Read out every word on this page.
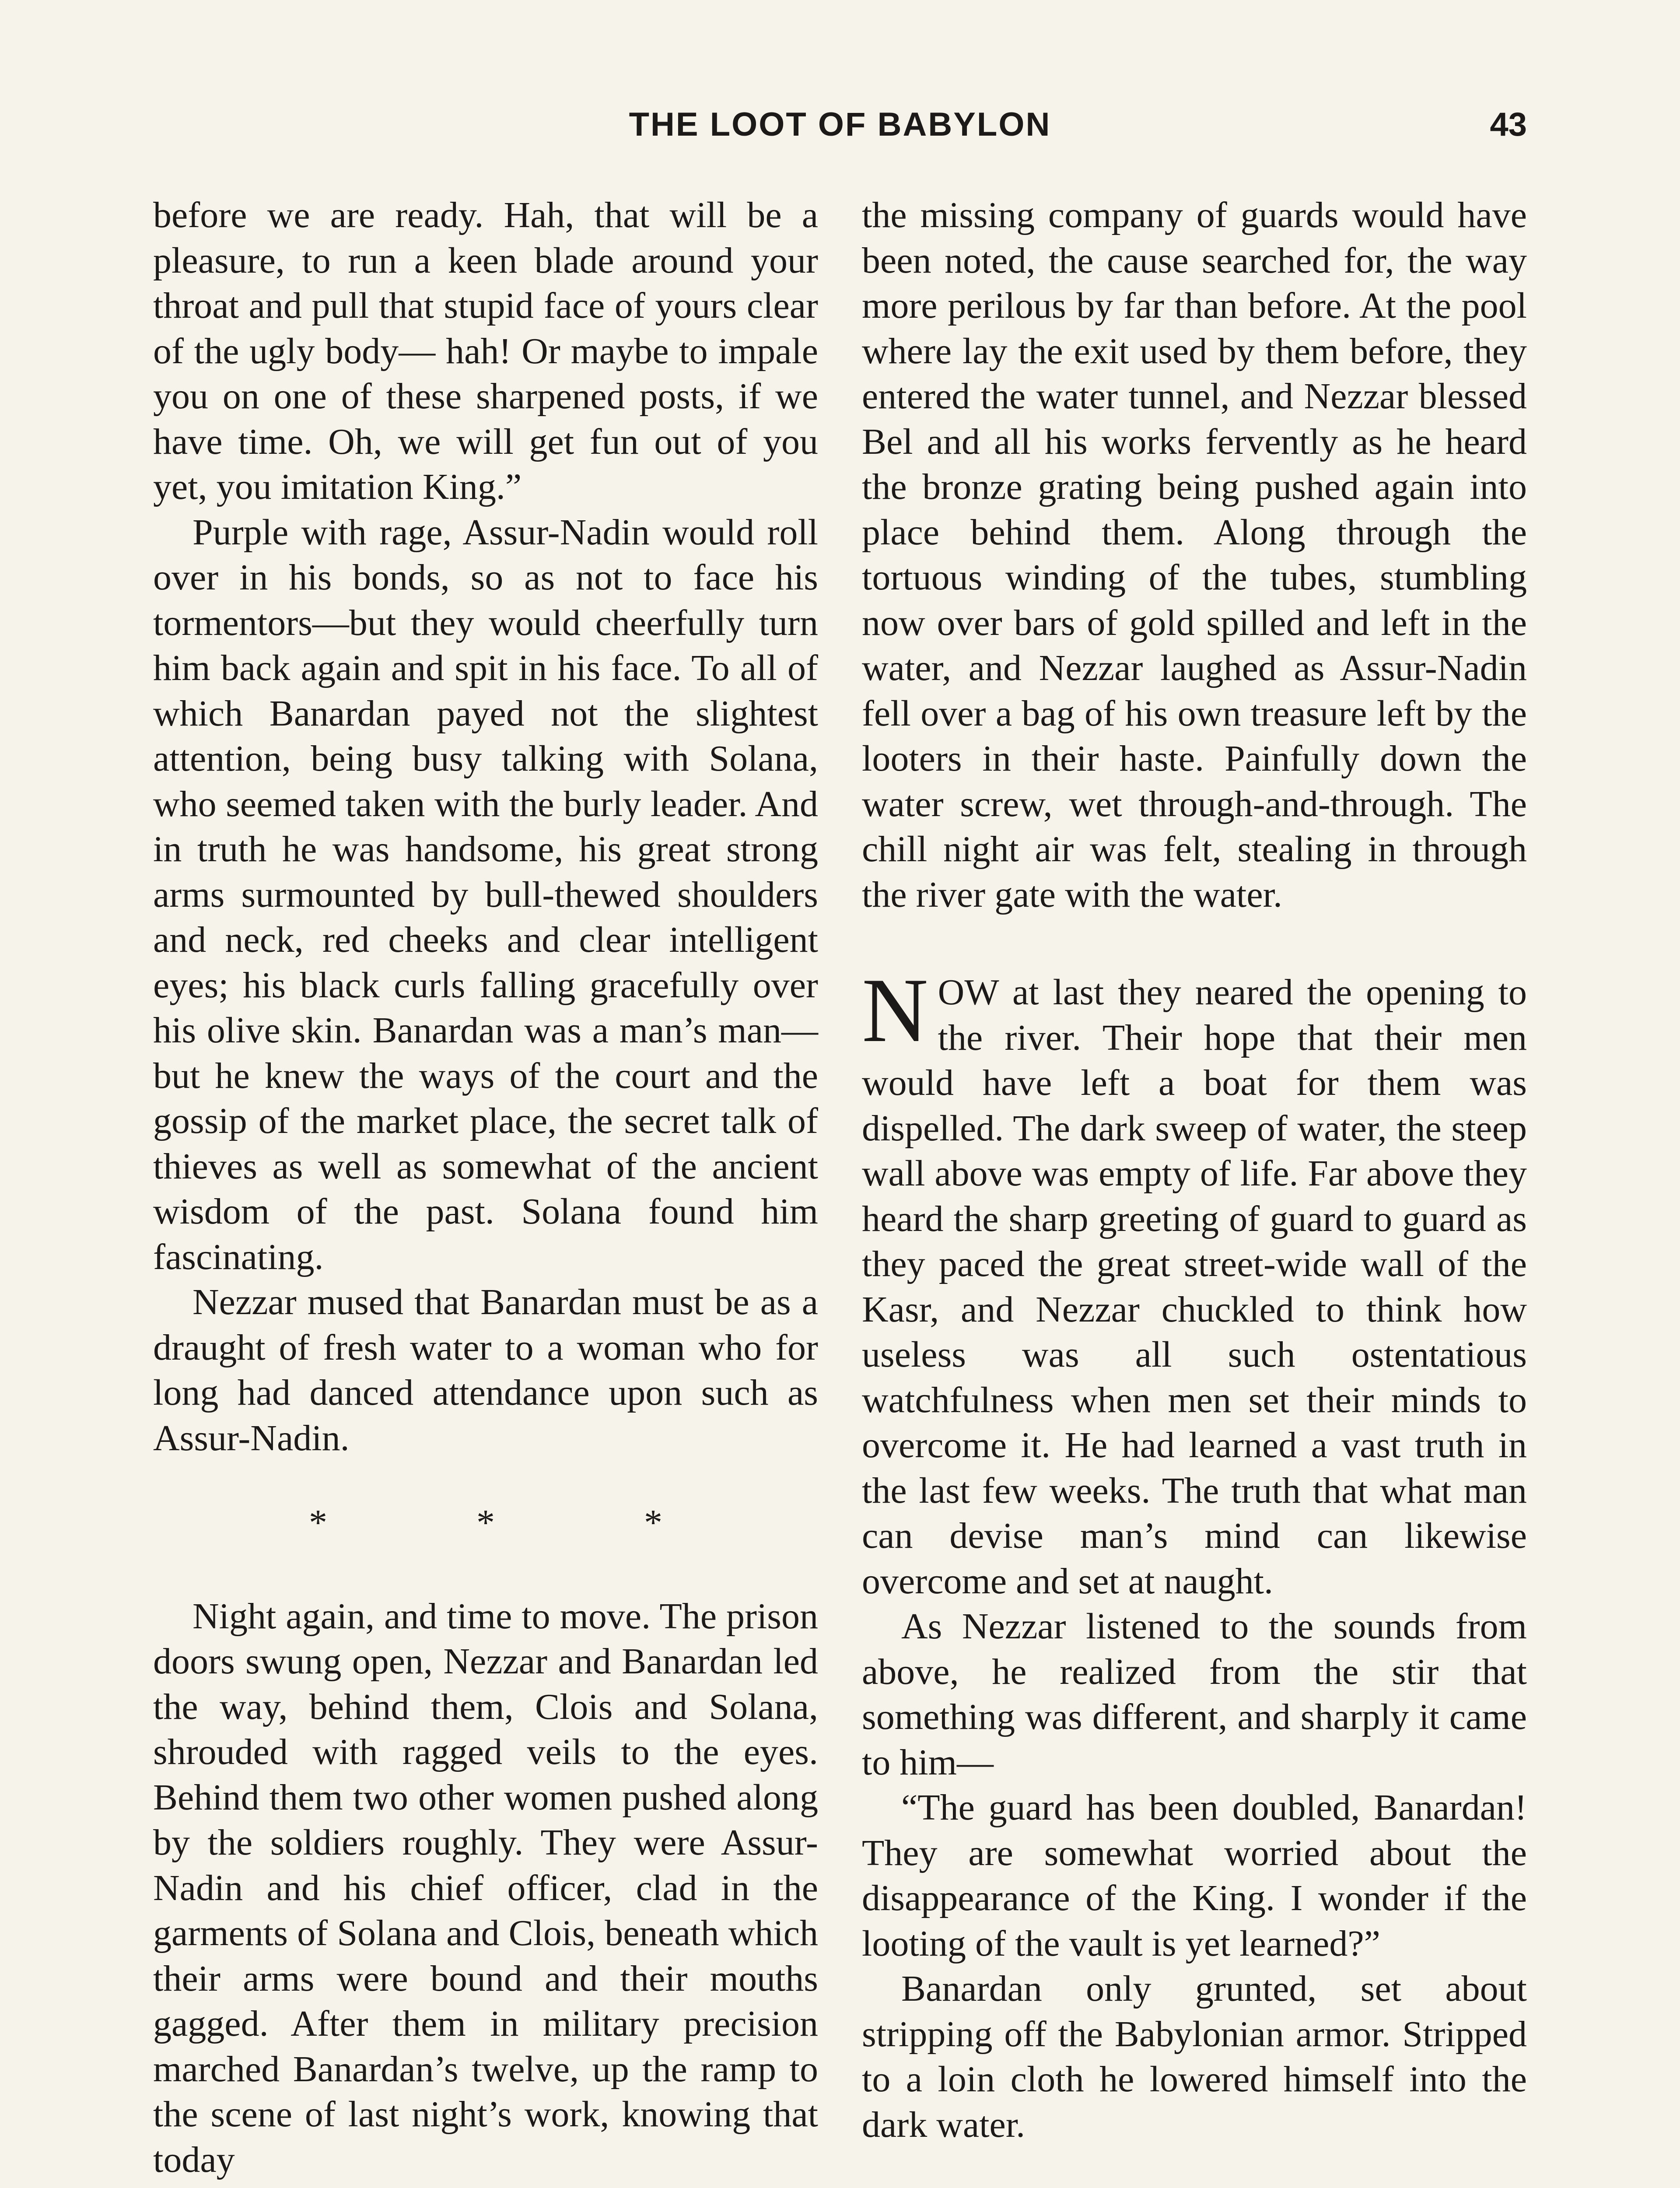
THE LOOT OF BABYLON	43

before we are ready. Hah, that will be a pleasure, to run a keen blade around your throat and pull that stupid face of yours clear of the ugly body— hah! Or maybe to impale you on one of these sharpened posts, if we have time. Oh, we will get fun out of you yet, you imitation King.”

Purple with rage, Assur-Nadin would roll over in his bonds, so as not to face his tormentors—but they would cheerfully turn him back again and spit in his face. To all of which Banardan payed not the slightest attention, being busy talking with Solana, who seemed taken with the burly leader. And in truth he was handsome, his great strong arms surmounted by bull-thewed shoulders and neck, red cheeks and clear intelligent eyes; his black curls falling gracefully over his olive skin. Banardan was a man’s man—but he knew the ways of the court and the gossip of the market place, the secret talk of thieves as well as somewhat of the ancient wisdom of the past. Solana found him fascinating.

Nezzar mused that Banardan must be as a draught of fresh water to a woman who for long had danced attendance upon such as Assur-Nadin.

* * *

Night again, and time to move. The prison doors swung open, Nezzar and Banardan led the way, behind them, Clois and Solana, shrouded with ragged veils to the eyes. Behind them two other women pushed along by the soldiers roughly. They were Assur-Nadin and his chief officer, clad in the garments of Solana and Clois, beneath which their arms were bound and their mouths gagged. After them in military precision marched Banardan’s twelve, up the ramp to the scene of last night’s work, knowing that today

the missing company of guards would have been noted, the cause searched for, the way more perilous by far than before. At the pool where lay the exit used by them before, they entered the water tunnel, and Nezzar blessed Bel and all his works fervently as he heard the bronze grating being pushed again into place behind them. Along through the tortuous winding of the tubes, stumbling now over bars of gold spilled and left in the water, and Nezzar laughed as Assur-Nadin fell over a bag of his own treasure left by the looters in their haste. Painfully down the water screw, wet through-and-through. The chill night air was felt, stealing in through the river gate with the water.

NOW at last they neared the opening to the river. Their hope that their men would have left a boat for them was dispelled. The dark sweep of water, the steep wall above was empty of life. Far above they heard the sharp greeting of guard to guard as they paced the great street-wide wall of the Kasr, and Nezzar chuckled to think how useless was all such ostentatious watchfulness when men set their minds to overcome it. He had learned a vast truth in the last few weeks. The truth that what man can devise man’s mind can likewise overcome and set at naught.

As Nezzar listened to the sounds from above, he realized from the stir that something was different, and sharply it came to him—

“The guard has been doubled, Banardan! They are somewhat worried about the disappearance of the King. I wonder if the looting of the vault is yet learned?”

Banardan only grunted, set about stripping off the Babylonian armor. Stripped to a loin cloth he lowered himself into the dark water.
